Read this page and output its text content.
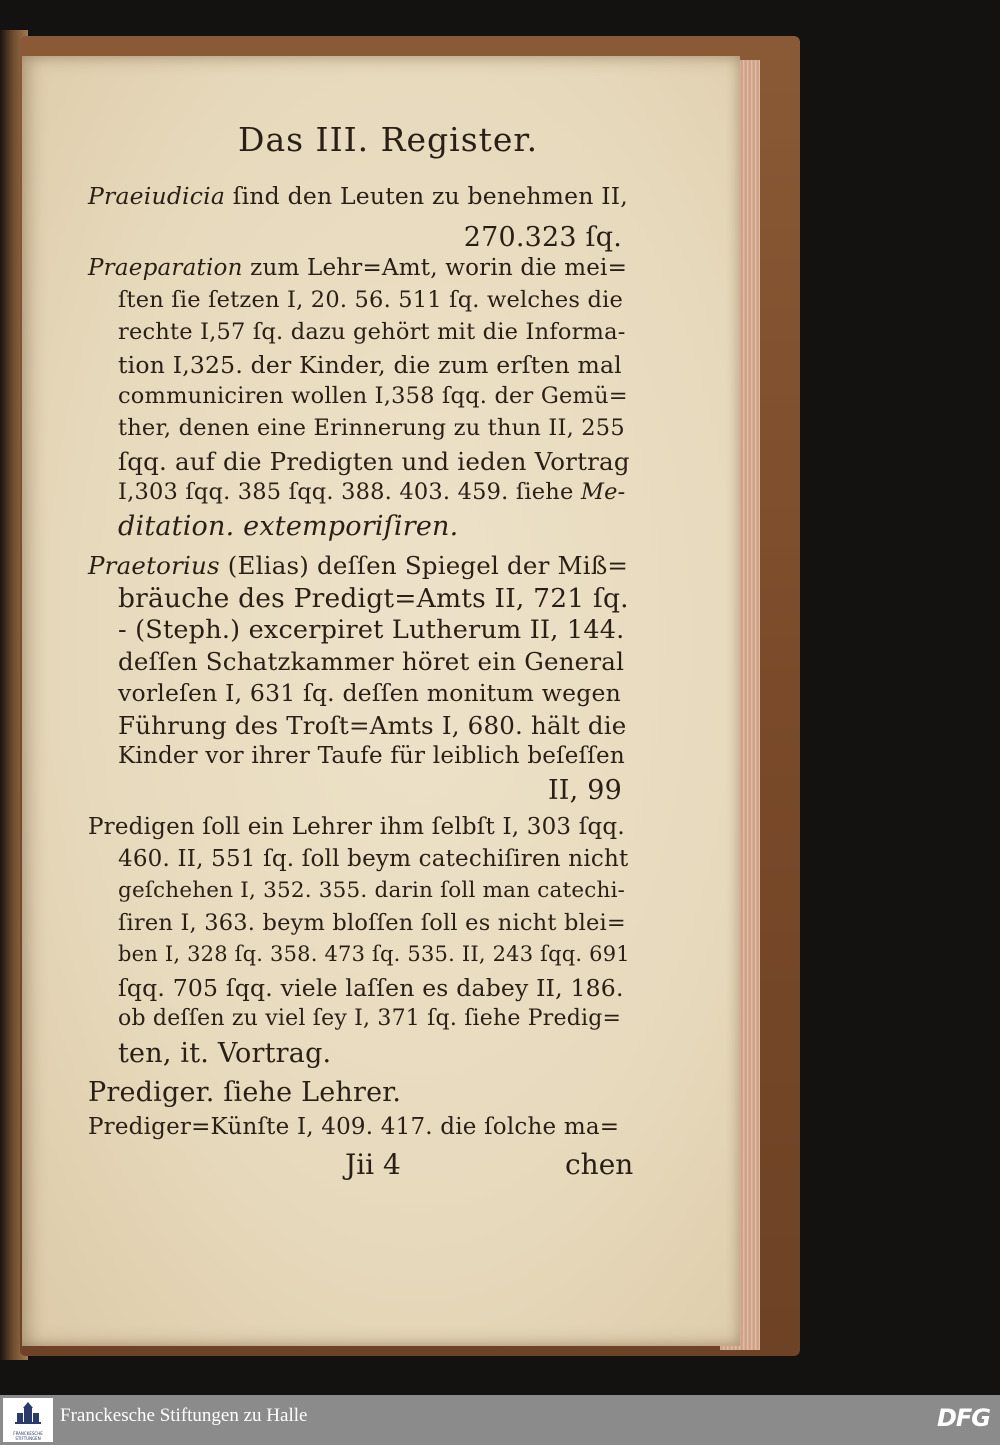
Das III. Register.
Praeiudicia ſind den Leuten zu benehmen II,
270.323 ſq.
Praeparation zum Lehr=Amt, worin die mei=
ſten ſie ſetzen I, 20. 56. 511 ſq. welches die
rechte I,57 ſq. dazu gehört mit die Informa-
tion I,325. der Kinder, die zum erſten mal
communiciren wollen I,358 ſqq. der Gemü=
ther, denen eine Erinnerung zu thun II, 255
ſqq. auf die Predigten und ieden Vortrag
I,303 ſqq. 385 ſqq. 388. 403. 459. ſiehe Me-
ditation. extemporiſiren.
Praetorius (Elias) deſſen Spiegel der Miß=
bräuche des Predigt=Amts II, 721 ſq.
- (Steph.) excerpiret Lutherum II, 144.
deſſen Schatzkammer höret ein General
vorleſen I, 631 ſq. deſſen monitum wegen
Führung des Troſt=Amts I, 680. hält die
Kinder vor ihrer Taufe für leiblich beſeſſen
II, 99
Predigen ſoll ein Lehrer ihm ſelbſt I, 303 ſqq.
460. II, 551 ſq. ſoll beym catechiſiren nicht
geſchehen I, 352. 355. darin ſoll man catechi-
ſiren I, 363. beym bloſſen ſoll es nicht blei=
ben I, 328 ſq. 358. 473 ſq. 535. II, 243 ſqq. 691
ſqq. 705 ſqq. viele laſſen es dabey II, 186.
ob deſſen zu viel ſey I, 371 ſq. ſiehe Predig=
ten, it. Vortrag.
Prediger. ſiehe Lehrer.
Prediger=Künſte I, 409. 417. die ſolche ma=
Jii 4	chen
FRANCKESCHE STIFTUNGEN
Franckesche Stiftungen zu Halle	DFG
